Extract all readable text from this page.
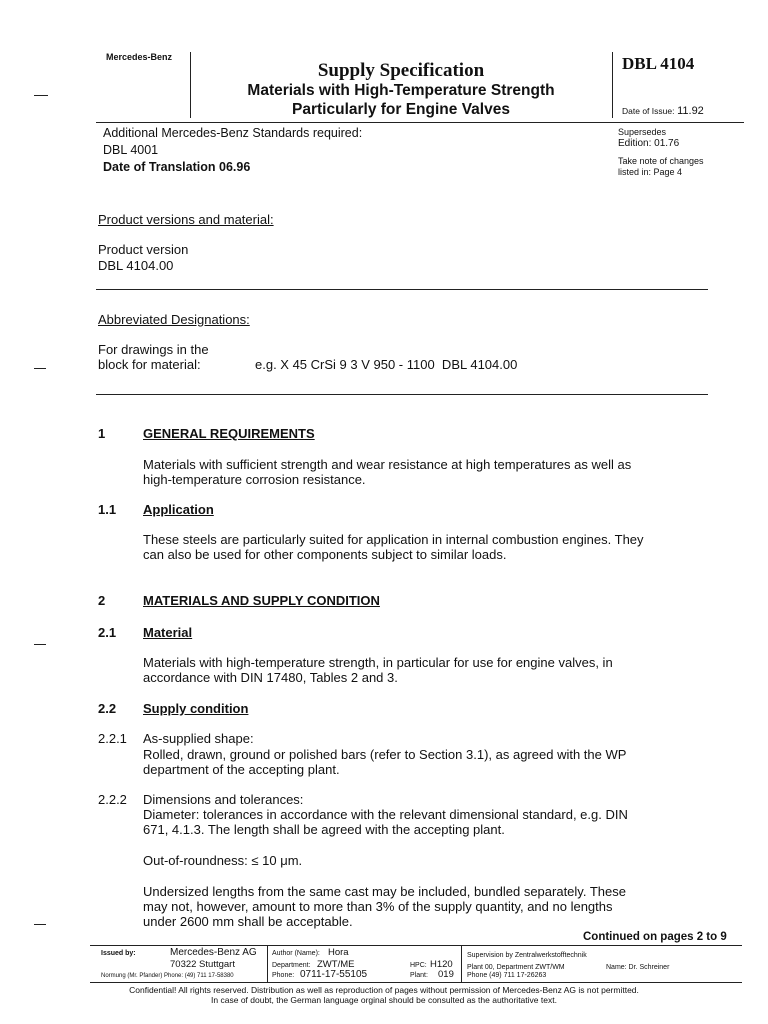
Mercedes-Benz
Supply Specification
Materials with High-Temperature Strength
Particularly for Engine Valves
DBL 4104
Date of Issue: 11.92
Additional Mercedes-Benz Standards required:
DBL 4001
Date of Translation 06.96
Supersedes
Edition: 01.76
Take note of changes
listed in: Page 4
Product versions and material:
Product version
DBL 4104.00
Abbreviated Designations:
For drawings in the
block for material:	e.g. X 45 CrSi 9 3 V 950 - 1100  DBL 4104.00
1	GENERAL REQUIREMENTS
Materials with sufficient strength and wear resistance at high temperatures as well as
high-temperature corrosion resistance.
1.1 Application
These steels are particularly suited for application in internal combustion engines. They
can also be used for other components subject to similar loads.
2	MATERIALS AND SUPPLY CONDITION
2.1 Material
Materials with high-temperature strength, in particular for use for engine valves, in
accordance with DIN 17480, Tables 2 and 3.
2.2 Supply condition
2.2.1 As-supplied shape:
Rolled, drawn, ground or polished bars (refer to Section 3.1), as agreed with the WP
department of the accepting plant.
2.2.2 Dimensions and tolerances:
Diameter: tolerances in accordance with the relevant dimensional standard, e.g. DIN
671, 4.1.3. The length shall be agreed with the accepting plant.
Out-of-roundness: ≤ 10 μm.
Undersized lengths from the same cast may be included, bundled separately. These
may not, however, amount to more than 3% of the supply quantity, and no lengths
under 2600 mm shall be acceptable.
Continued on pages 2 to 9
Issued by:	Mercedes-Benz AG
70322 Stuttgart
Normung (Mr. Pfander) Phone: (49) 711 17-58380
Author (Name): Hora
Department: ZWT/ME
Phone: 0711-17-55105
HPC: H120
Plant: 019
Supervision by Zentralwerkstofftechnik
Plant 00, Department ZWT/WM	Name: Dr. Schreiner
Phone (49) 711 17-26263
Confidential! All rights reserved. Distribution as well as reproduction of pages without permission of Mercedes-Benz AG is not permitted.
In case of doubt, the German language orginal should be consulted as the authoritative text.
